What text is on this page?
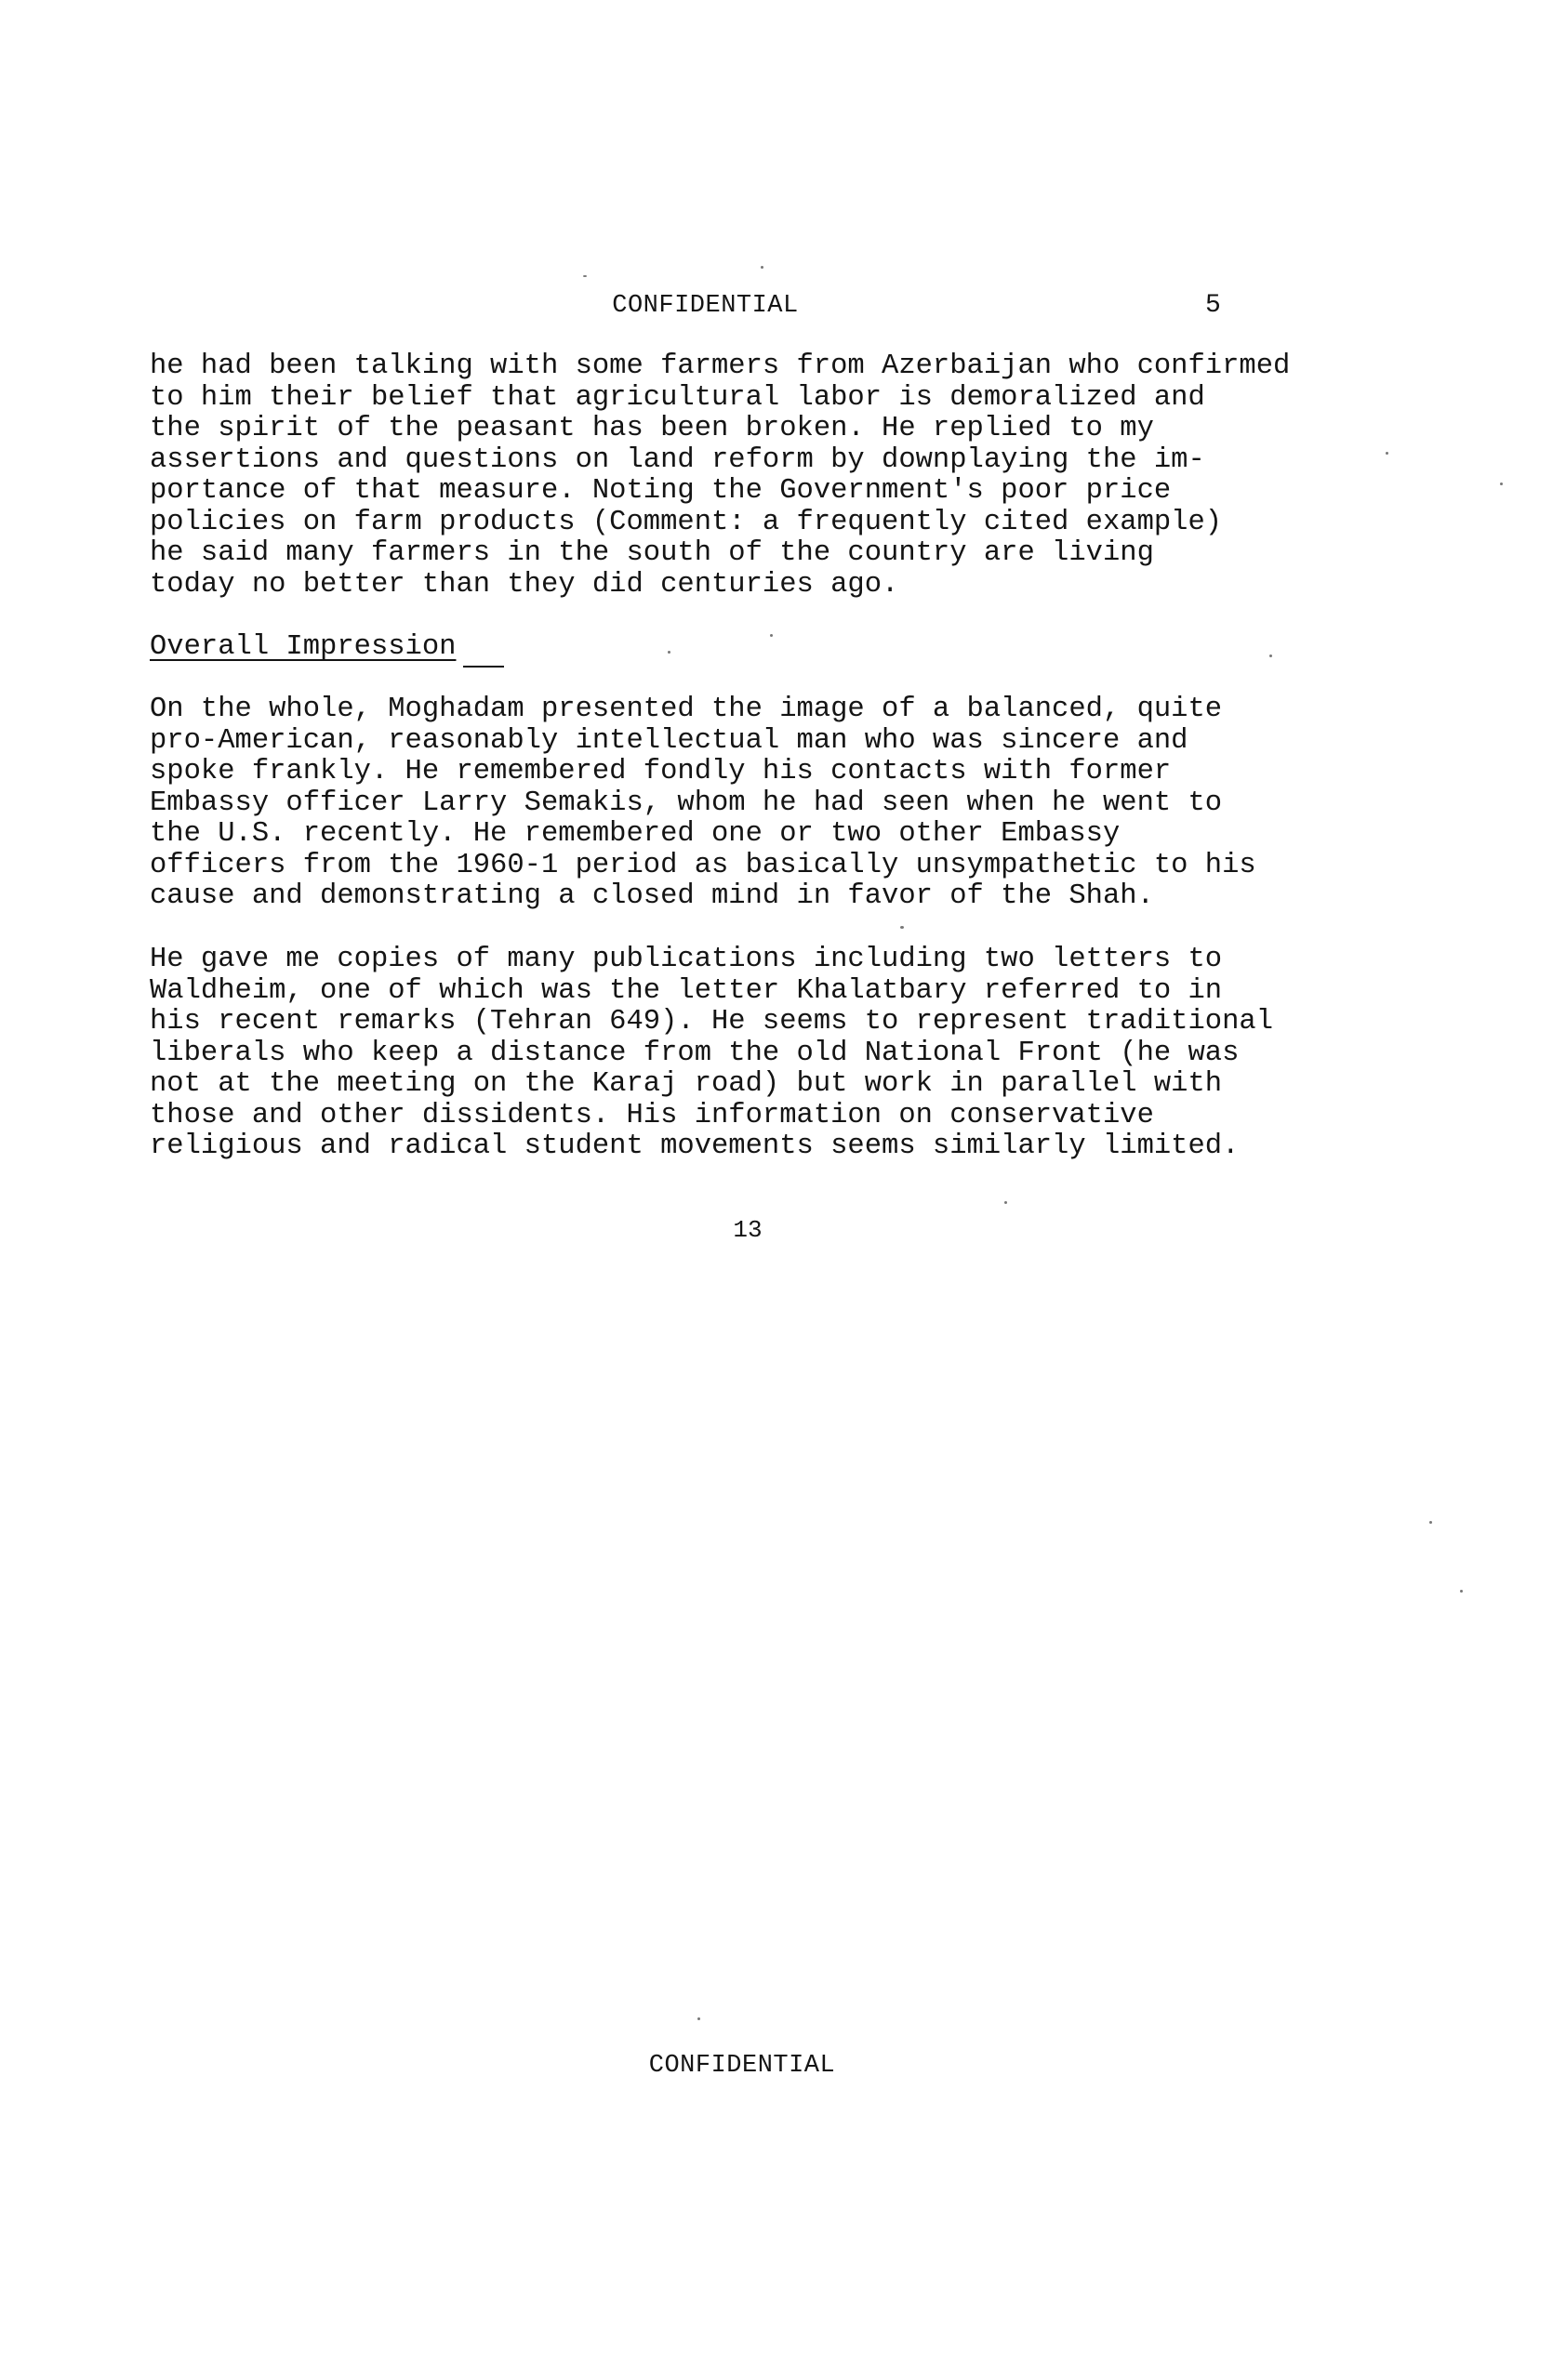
CONFIDENTIAL	5
he had been talking with some farmers from Azerbaijan who confirmed
to him their belief that agricultural labor is demoralized and
the spirit of the peasant has been broken. He replied to my
assertions and questions on land reform by downplaying the im-
portance of that measure. Noting the Government's poor price
policies on farm products (Comment: a frequently cited example)
he said many farmers in the south of the country are living
today no better than they did centuries ago.
Overall Impression
On the whole, Moghadam presented the image of a balanced, quite
pro-American, reasonably intellectual man who was sincere and
spoke frankly. He remembered fondly his contacts with former
Embassy officer Larry Semakis, whom he had seen when he went to
the U.S. recently. He remembered one or two other Embassy
officers from the 1960-1 period as basically unsympathetic to his
cause and demonstrating a closed mind in favor of the Shah.
He gave me copies of many publications including two letters to
Waldheim, one of which was the letter Khalatbary referred to in
his recent remarks (Tehran 649). He seems to represent traditional
liberals who keep a distance from the old National Front (he was
not at the meeting on the Karaj road) but work in parallel with
those and other dissidents. His information on conservative
religious and radical student movements seems similarly limited.
13
CONFIDENTIAL
